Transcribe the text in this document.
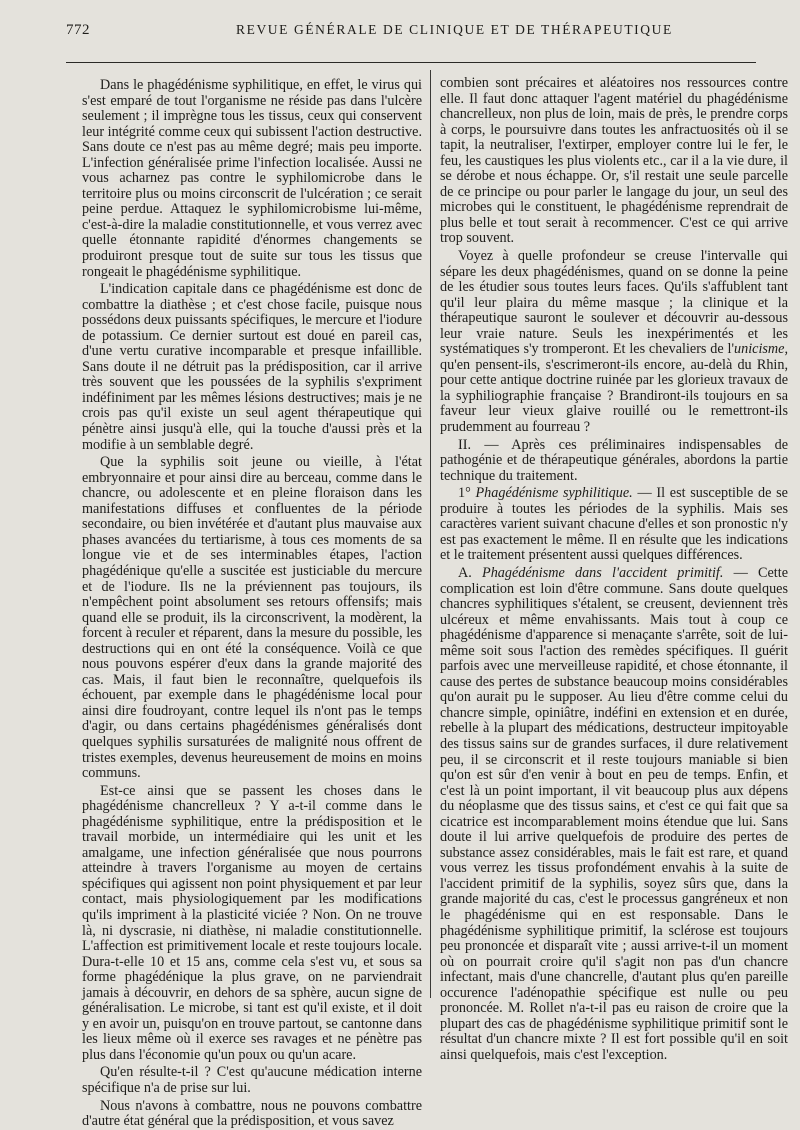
772	REVUE GÉNÉRALE DE CLINIQUE ET DE THÉRAPEUTIQUE

Dans le phagédénisme syphilitique, en effet, le virus qui s'est emparé de tout l'organisme ne réside pas dans l'ulcère seulement ; il imprègne tous les tissus, ceux qui conservent leur intégrité comme ceux qui subissent l'action destructive. Sans doute ce n'est pas au même degré; mais peu importe. L'infection généralisée prime l'infection localisée. Aussi ne vous acharnez pas contre le syphilomicrobe dans le territoire plus ou moins circonscrit de l'ulcération ; ce serait peine perdue. Attaquez le syphilomicrobisme lui-même, c'est-à-dire la maladie constitutionnelle, et vous verrez avec quelle étonnante rapidité d'énormes changements se produiront presque tout de suite sur tous les tissus que rongeait le phagédénisme syphilitique.

L'indication capitale dans ce phagédénisme est donc de combattre la diathèse ; et c'est chose facile, puisque nous possédons deux puissants spécifiques, le mercure et l'iodure de potassium. Ce dernier surtout est doué en pareil cas, d'une vertu curative incomparable et presque infaillible. Sans doute il ne détruit pas la prédisposition, car il arrive très souvent que les poussées de la syphilis s'expriment indéfiniment par les mêmes lésions destructives; mais je ne crois pas qu'il existe un seul agent thérapeutique qui pénètre ainsi jusqu'à elle, qui la touche d'aussi près et la modifie à un semblable degré.

Que la syphilis soit jeune ou vieille, à l'état embryonnaire et pour ainsi dire au berceau, comme dans le chancre, ou adolescente et en pleine floraison dans les manifestations diffuses et confluentes de la période secondaire, ou bien invétérée et d'autant plus mauvaise aux phases avancées du tertiarisme, à tous ces moments de sa longue vie et de ses interminables étapes, l'action phagédénique qu'elle a suscitée est justiciable du mercure et de l'iodure. Ils ne la préviennent pas toujours, ils n'empêchent point absolument ses retours offensifs; mais quand elle se produit, ils la circonscrivent, la modèrent, la forcent à reculer et réparent, dans la mesure du possible, les destructions qui en ont été la conséquence. Voilà ce que nous pouvons espérer d'eux dans la grande majorité des cas. Mais, il faut bien le reconnaître, quelquefois ils échouent, par exemple dans le phagédénisme local pour ainsi dire foudroyant, contre lequel ils n'ont pas le temps d'agir, ou dans certains phagédénismes généralisés dont quelques syphilis sursaturées de malignité nous offrent de tristes exemples, devenus heureusement de moins en moins communs.

Est-ce ainsi que se passent les choses dans le phagédénisme chancrelleux ? Y a-t-il comme dans le phagédénisme syphilitique, entre la prédisposition et le travail morbide, un intermédiaire qui les unit et les amalgame, une infection généralisée que nous pourrons atteindre à travers l'organisme au moyen de certains spécifiques qui agissent non point physiquement et par leur contact, mais physiologiquement par les modifications qu'ils impriment à la plasticité viciée ? Non. On ne trouve là, ni dyscrasie, ni diathèse, ni maladie constitutionnelle. L'affection est primitivement locale et reste toujours locale. Dura-t-elle 10 et 15 ans, comme cela s'est vu, et sous sa forme phagédénique la plus grave, on ne parviendrait jamais à découvrir, en dehors de sa sphère, aucun signe de généralisation. Le microbe, si tant est qu'il existe, et il doit y en avoir un, puisqu'on en trouve partout, se cantonne dans les lieux même où il exerce ses ravages et ne pénètre pas plus dans l'économie qu'un poux ou qu'un acare.

Qu'en résulte-t-il ? C'est qu'aucune médication interne spécifique n'a de prise sur lui.

Nous n'avons à combattre, nous ne pouvons combattre d'autre état général que la prédisposition, et vous savez

combien sont précaires et aléatoires nos ressources contre elle. Il faut donc attaquer l'agent matériel du phagédénisme chancrelleux, non plus de loin, mais de près, le prendre corps à corps, le poursuivre dans toutes les anfractuosités où il se tapit, la neutraliser, l'extirper, employer contre lui le fer, le feu, les caustiques les plus violents etc., car il a la vie dure, il se dérobe et nous échappe. Or, s'il restait une seule parcelle de ce principe ou pour parler le langage du jour, un seul des microbes qui le constituent, le phagédénisme reprendrait de plus belle et tout serait à recommencer. C'est ce qui arrive trop souvent.

Voyez à quelle profondeur se creuse l'intervalle qui sépare les deux phagédénismes, quand on se donne la peine de les étudier sous toutes leurs faces. Qu'ils s'affublent tant qu'il leur plaira du même masque ; la clinique et la thérapeutique sauront le soulever et découvrir au-dessous leur vraie nature. Seuls les inexpérimentés et les systématiques s'y tromperont. Et les chevaliers de l'unicisme, qu'en pensent-ils, s'escrimeront-ils encore, au-delà du Rhin, pour cette antique doctrine ruinée par les glorieux travaux de la syphiliographie française ? Brandiront-ils toujours en sa faveur leur vieux glaive rouillé ou le remettront-ils prudemment au fourreau ?

II. — Après ces préliminaires indispensables de pathogénie et de thérapeutique générales, abordons la partie technique du traitement.

1° Phagédénisme syphilitique. — Il est susceptible de se produire à toutes les périodes de la syphilis. Mais ses caractères varient suivant chacune d'elles et son pronostic n'y est pas exactement le même. Il en résulte que les indications et le traitement présentent aussi quelques différences.

A. Phagédénisme dans l'accident primitif. — Cette complication est loin d'être commune. Sans doute quelques chancres syphilitiques s'étalent, se creusent, deviennent très ulcéreux et même envahissants. Mais tout à coup ce phagédénisme d'apparence si menaçante s'arrête, soit de lui-même soit sous l'action des remèdes spécifiques. Il guérit parfois avec une merveilleuse rapidité, et chose étonnante, il cause des pertes de substance beaucoup moins considérables qu'on aurait pu le supposer. Au lieu d'être comme celui du chancre simple, opiniâtre, indéfini en extension et en durée, rebelle à la plupart des médications, destructeur impitoyable des tissus sains sur de grandes surfaces, il dure relativement peu, il se circonscrit et il reste toujours maniable si bien qu'on est sûr d'en venir à bout en peu de temps. Enfin, et c'est là un point important, il vit beaucoup plus aux dépens du néoplasme que des tissus sains, et c'est ce qui fait que sa cicatrice est incomparablement moins étendue que lui. Sans doute il lui arrive quelquefois de produire des pertes de substance assez considérables, mais le fait est rare, et quand vous verrez les tissus profondément envahis à la suite de l'accident primitif de la syphilis, soyez sûrs que, dans la grande majorité du cas, c'est le processus gangréneux et non le phagédénisme qui en est responsable. Dans le phagédénisme syphilitique primitif, la sclérose est toujours peu prononcée et disparaît vite ; aussi arrive-t-il un moment où on pourrait croire qu'il s'agit non pas d'un chancre infectant, mais d'une chancrelle, d'autant plus qu'en pareille occurence l'adénopathie spécifique est nulle ou peu prononcée. M. Rollet n'a-t-il pas eu raison de croire que la plupart des cas de phagédénisme syphilitique primitif sont le résultat d'un chancre mixte ? Il est fort possible qu'il en soit ainsi quelquefois, mais c'est l'exception.
